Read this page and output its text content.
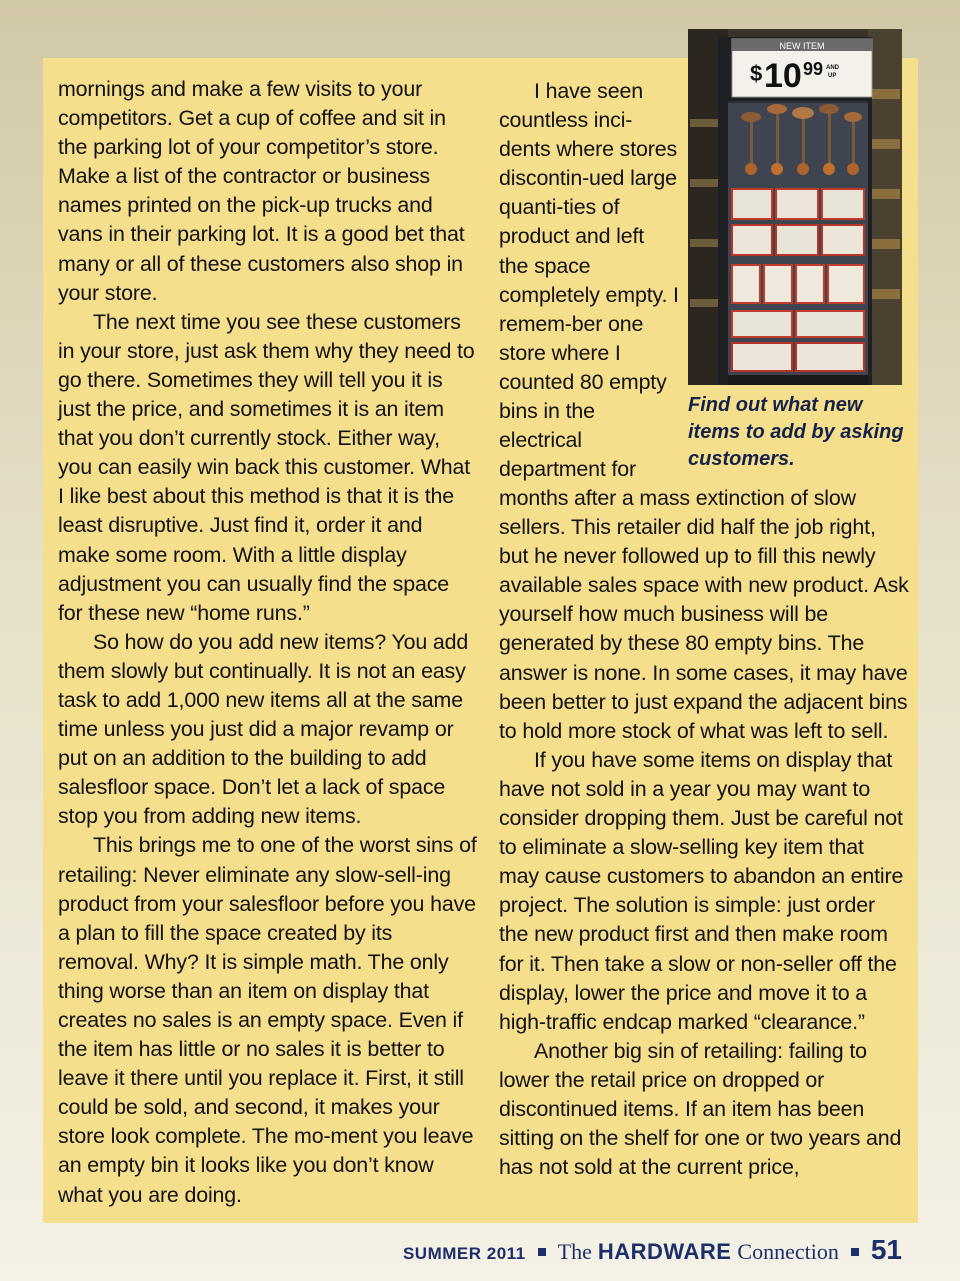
mornings and make a few visits to your competitors. Get a cup of coffee and sit in the parking lot of your competitor’s store. Make a list of the contractor or business names printed on the pick-up trucks and vans in their parking lot. It is a good bet that many or all of these customers also shop in your store.

The next time you see these customers in your store, just ask them why they need to go there. Sometimes they will tell you it is just the price, and sometimes it is an item that you don’t currently stock. Either way, you can easily win back this customer. What I like best about this method is that it is the least disruptive. Just find it, order it and make some room. With a little display adjustment you can usually find the space for these new “home runs.”

So how do you add new items? You add them slowly but continually. It is not an easy task to add 1,000 new items all at the same time unless you just did a major revamp or put on an addition to the building to add salesfloor space. Don’t let a lack of space stop you from adding new items.

This brings me to one of the worst sins of retailing: Never eliminate any slow-sell-ing product from your salesfloor before you have a plan to fill the space created by its removal. Why? It is simple math. The only thing worse than an item on display that creates no sales is an empty space. Even if the item has little or no sales it is better to leave it there until you replace it. First, it still could be sold, and second, it makes your store look complete. The mo-ment you leave an empty bin it looks like you don’t know what you are doing.

I have seen countless inci-dents where stores discontin-ued large quanti-ties of product and left the space completely empty. I remem-ber one store where I counted 80 empty bins in the electrical department for

months after a mass extinction of slow sellers. This retailer did half the job right, but he never followed up to fill this newly available sales space with new product. Ask yourself how much business will be generated by these 80 empty bins. The answer is none. In some cases, it may have been better to just expand the adjacent bins to hold more stock of what was left to sell.

If you have some items on display that have not sold in a year you may want to consider dropping them. Just be careful not to eliminate a slow-selling key item that may cause customers to abandon an entire project. The solution is simple: just order the new product first and then make room for it. Then take a slow or non-seller off the display, lower the price and move it to a high-traffic endcap marked “clearance.”

Another big sin of retailing: failing to lower the retail price on dropped or discontinued items. If an item has been sitting on the shelf for one or two years and has not sold at the current price,

NEW ITEM
$ 10 99 AND
UP
Find out what new items to add by asking customers.
SUMMER 2011 The HARDWARE Connection 51
